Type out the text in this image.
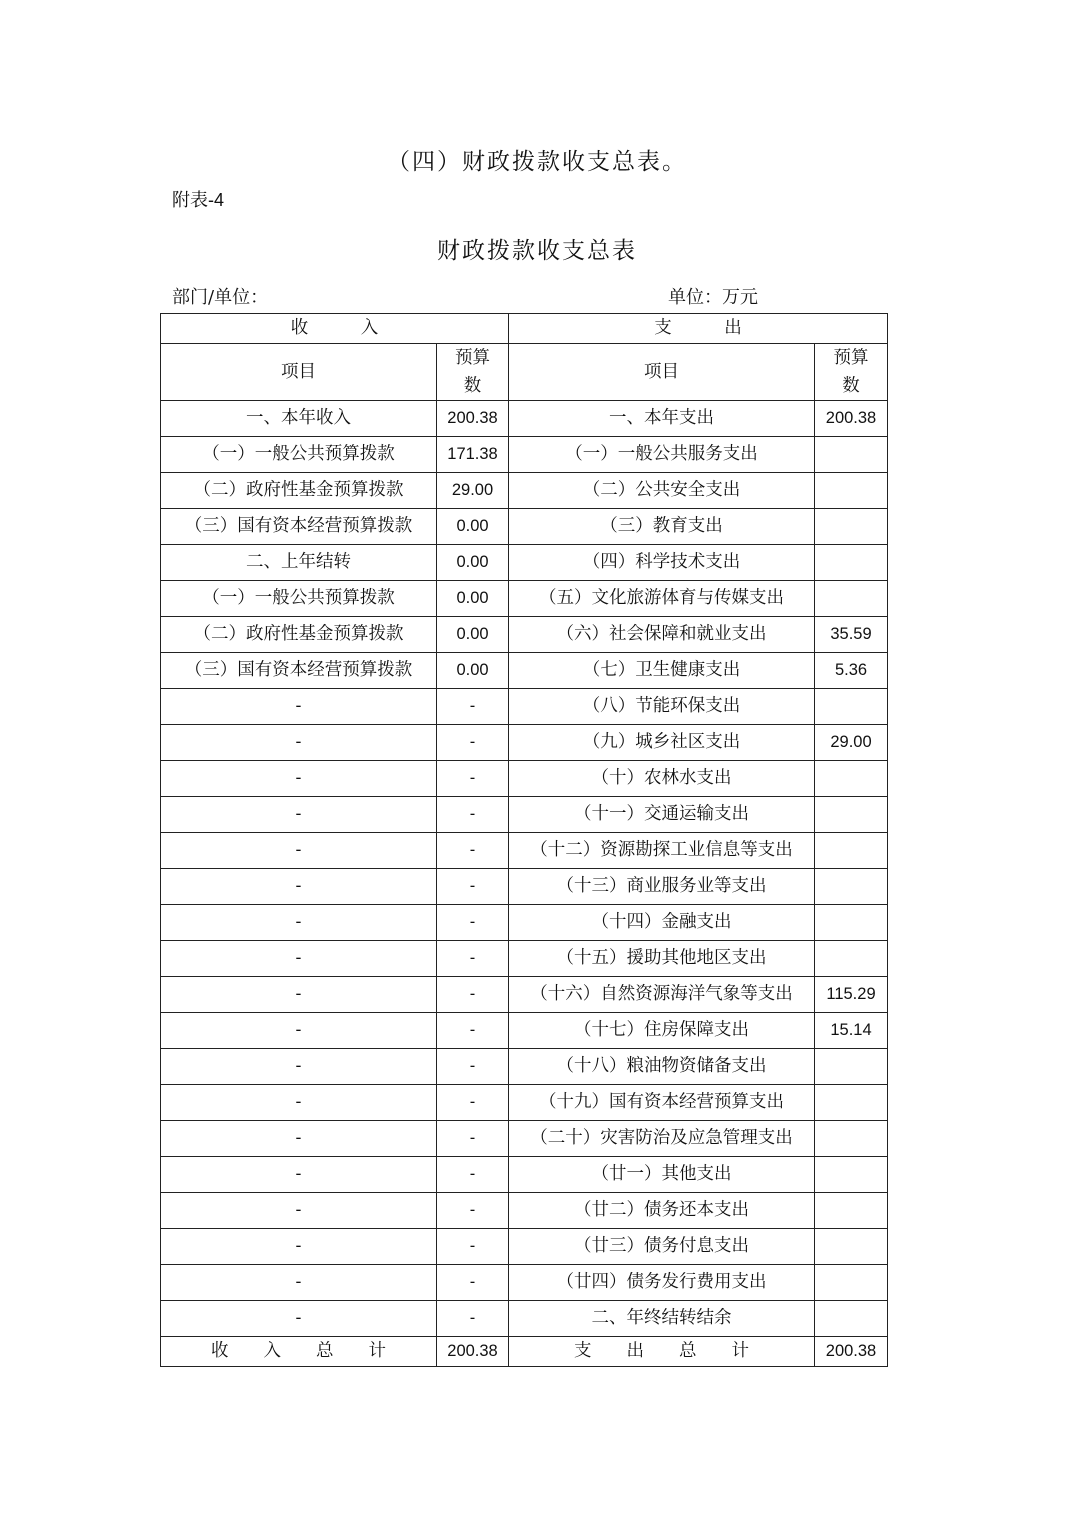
（四）财政拨款收支总表。
附表-4
财政拨款收支总表
部门/单位：	单位：万元
收　　　入		支　　　出	
项目	预算数	项目	预算数
一、本年收入	200.38	一、本年支出	200.38
（一）一般公共预算拨款	171.38	（一）一般公共服务支出	
（二）政府性基金预算拨款	29.00	（二）公共安全支出	
（三）国有资本经营预算拨款	0.00	（三）教育支出	
二、上年结转	0.00	（四）科学技术支出	
（一）一般公共预算拨款	0.00	（五）文化旅游体育与传媒支出	
（二）政府性基金预算拨款	0.00	（六）社会保障和就业支出	35.59
（三）国有资本经营预算拨款	0.00	（七）卫生健康支出	5.36
-	-	（八）节能环保支出	
-	-	（九）城乡社区支出	29.00
-	-	（十）农林水支出	
-	-	（十一）交通运输支出	
-	-	（十二）资源勘探工业信息等支出	
-	-	（十三）商业服务业等支出	
-	-	（十四）金融支出	
-	-	（十五）援助其他地区支出	
-	-	（十六）自然资源海洋气象等支出	115.29
-	-	（十七）住房保障支出	15.14
-	-	（十八）粮油物资储备支出	
-	-	（十九）国有资本经营预算支出	
-	-	（二十）灾害防治及应急管理支出	
-	-	（廿一）其他支出	
-	-	（廿二）债务还本支出	
-	-	（廿三）债务付息支出	
-	-	（廿四）债务发行费用支出	
-	-	二、年终结转结余	
收　　入　　总　　计	200.38	支　　出　　总　　计	200.38
